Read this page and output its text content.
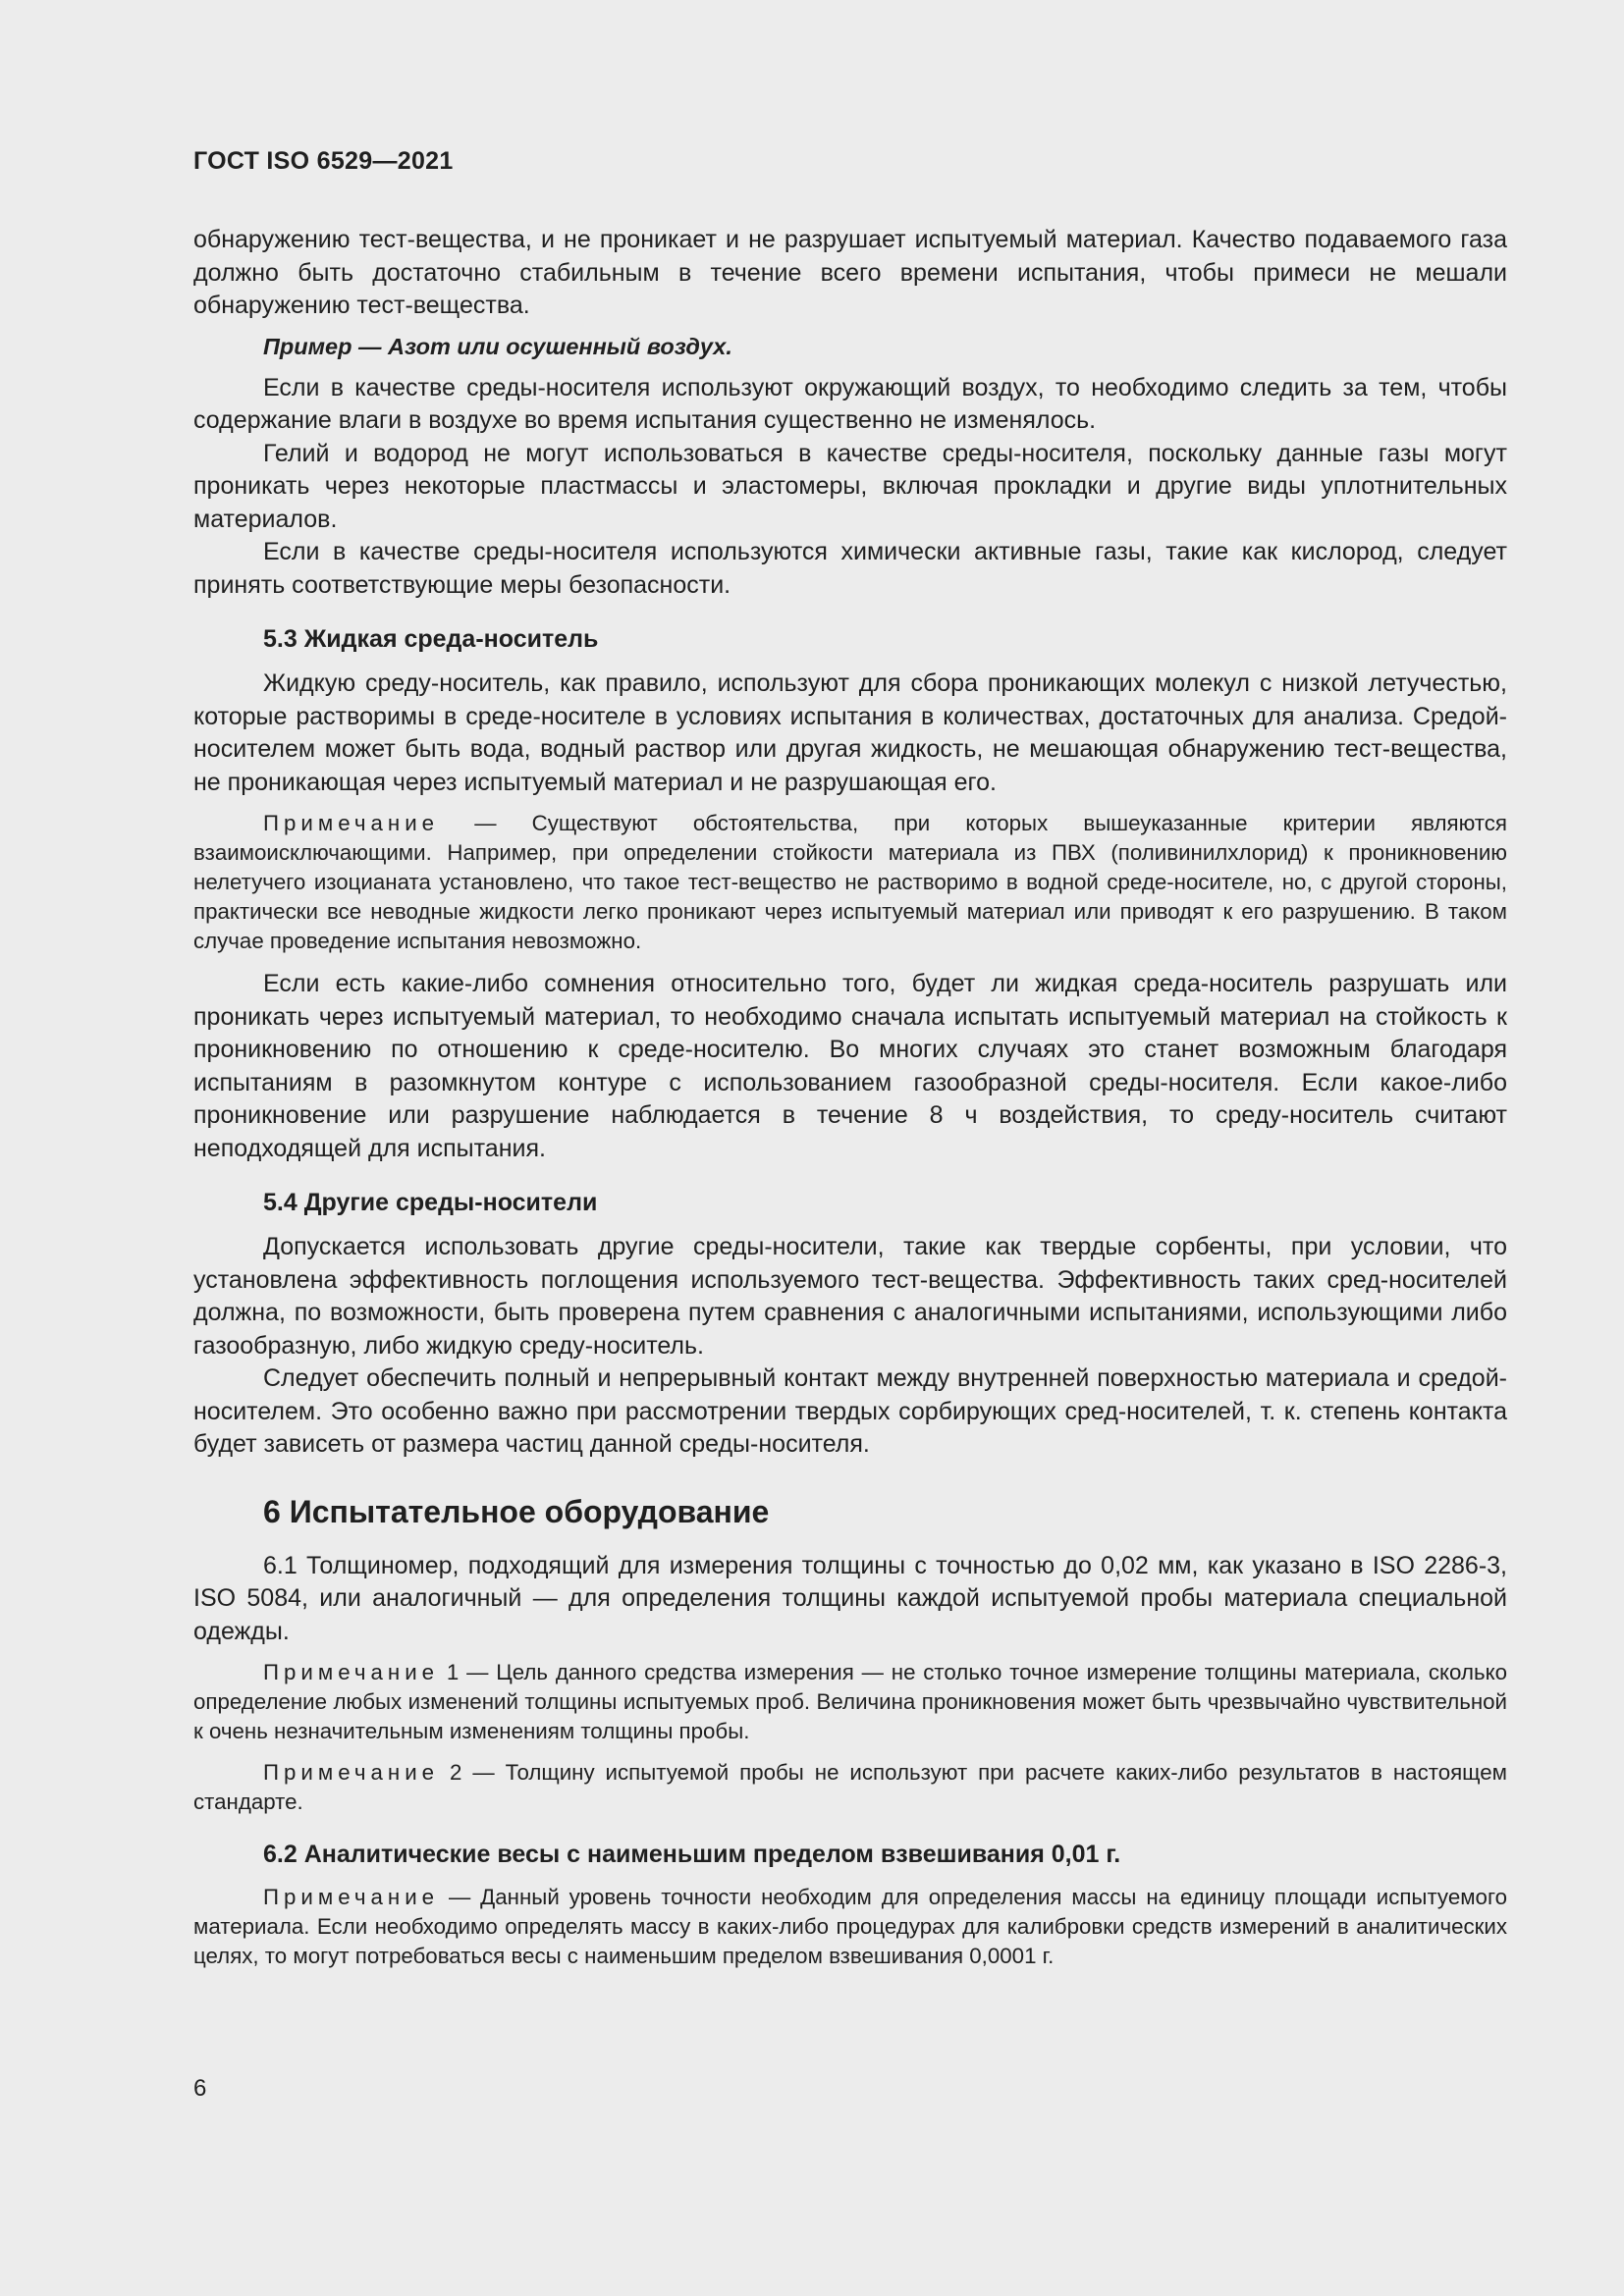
ГОСТ ISO 6529—2021

обнаружению тест-вещества, и не проникает и не разрушает испытуемый материал. Качество подаваемого газа должно быть достаточно стабильным в течение всего времени испытания, чтобы примеси не мешали обнаружению тест-вещества.

Пример — Азот или осушенный воздух.

Если в качестве среды-носителя используют окружающий воздух, то необходимо следить за тем, чтобы содержание влаги в воздухе во время испытания существенно не изменялось.

Гелий и водород не могут использоваться в качестве среды-носителя, поскольку данные газы могут проникать через некоторые пластмассы и эластомеры, включая прокладки и другие виды уплотнительных материалов.

Если в качестве среды-носителя используются химически активные газы, такие как кислород, следует принять соответствующие меры безопасности.

5.3 Жидкая среда-носитель

Жидкую среду-носитель, как правило, используют для сбора проникающих молекул с низкой летучестью, которые растворимы в среде-носителе в условиях испытания в количествах, достаточных для анализа. Средой-носителем может быть вода, водный раствор или другая жидкость, не мешающая обнаружению тест-вещества, не проникающая через испытуемый материал и не разрушающая его.

Примечание — Существуют обстоятельства, при которых вышеуказанные критерии являются взаимоисключающими. Например, при определении стойкости материала из ПВХ (поливинилхлорид) к проникновению нелетучего изоцианата установлено, что такое тест-вещество не растворимо в водной среде-носителе, но, с другой стороны, практически все неводные жидкости легко проникают через испытуемый материал или приводят к его разрушению. В таком случае проведение испытания невозможно.

Если есть какие-либо сомнения относительно того, будет ли жидкая среда-носитель разрушать или проникать через испытуемый материал, то необходимо сначала испытать испытуемый материал на стойкость к проникновению по отношению к среде-носителю. Во многих случаях это станет возможным благодаря испытаниям в разомкнутом контуре с использованием газообразной среды-носителя. Если какое-либо проникновение или разрушение наблюдается в течение 8 ч воздействия, то среду-носитель считают неподходящей для испытания.

5.4 Другие среды-носители

Допускается использовать другие среды-носители, такие как твердые сорбенты, при условии, что установлена эффективность поглощения используемого тест-вещества. Эффективность таких сред-носителей должна, по возможности, быть проверена путем сравнения с аналогичными испытаниями, использующими либо газообразную, либо жидкую среду-носитель.

Следует обеспечить полный и непрерывный контакт между внутренней поверхностью материала и средой-носителем. Это особенно важно при рассмотрении твердых сорбирующих сред-носителей, т. к. степень контакта будет зависеть от размера частиц данной среды-носителя.

6 Испытательное оборудование

6.1 Толщиномер, подходящий для измерения толщины с точностью до 0,02 мм, как указано в ISO 2286-3, ISO 5084, или аналогичный — для определения толщины каждой испытуемой пробы материала специальной одежды.

Примечание 1 — Цель данного средства измерения — не столько точное измерение толщины материала, сколько определение любых изменений толщины испытуемых проб. Величина проникновения может быть чрезвычайно чувствительной к очень незначительным изменениям толщины пробы.

Примечание 2 — Толщину испытуемой пробы не используют при расчете каких-либо результатов в настоящем стандарте.

6.2 Аналитические весы с наименьшим пределом взвешивания 0,01 г.

Примечание — Данный уровень точности необходим для определения массы на единицу площади испытуемого материала. Если необходимо определять массу в каких-либо процедурах для калибровки средств измерений в аналитических целях, то могут потребоваться весы с наименьшим пределом взвешивания 0,0001 г.

6
